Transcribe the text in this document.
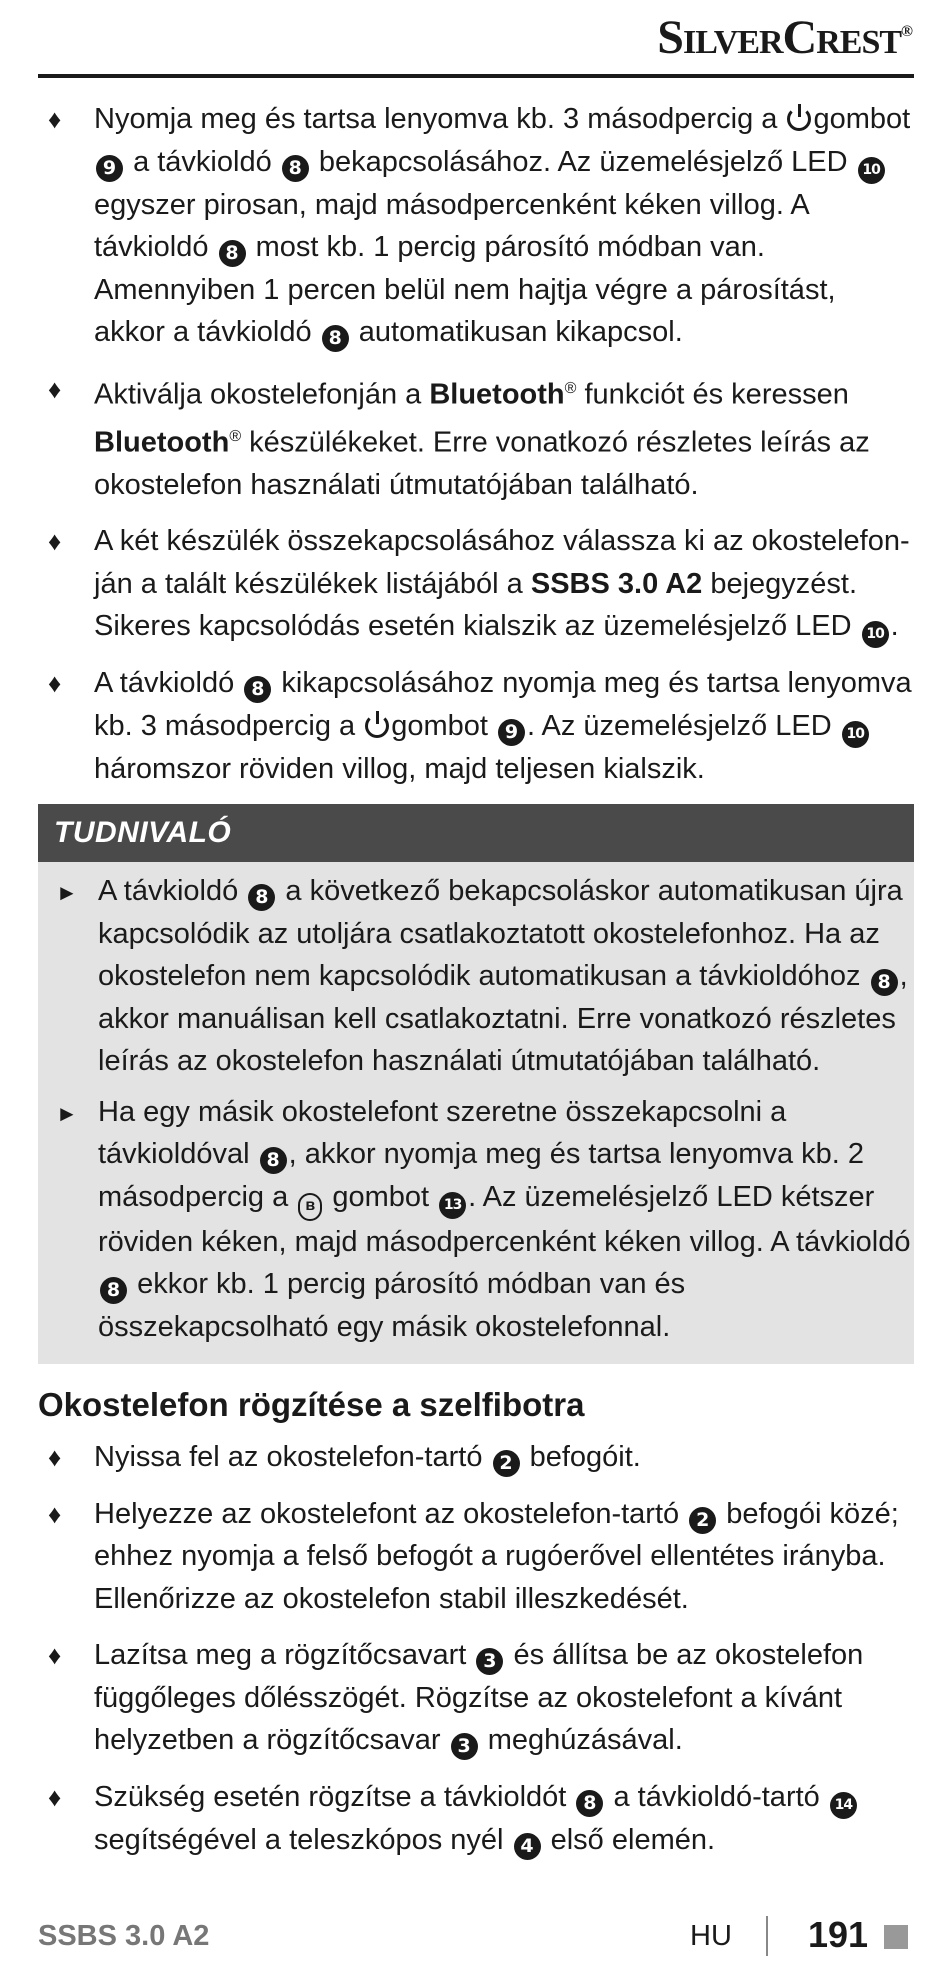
SilverCrest®

♦ Nyomja meg és tartsa lenyomva kb. 3 másodpercig a gombot 9 a távkioldó 8 bekapcsolásához. Az üzemelésjelző LED 10 egyszer pirosan, majd másodpercenként kéken villog. A távkioldó 8 most kb. 1 percig párosító módban van. Amennyiben 1 percen belül nem hajtja végre a párosítást, akkor a távkioldó 8 automatikusan kikapcsol.

♦ Aktiválja okostelefonján a Bluetooth® funkciót és keressen Bluetooth® készülékeket. Erre vonatkozó részletes leírás az okostelefon használati útmutatójában található.

♦ A két készülék összekapcsolásához válassza ki az okostelefonján a talált készülékek listájából a SSBS 3.0 A2 bejegyzést. Sikeres kapcsolódás esetén kialszik az üzemelésjelző LED 10 .

♦ A távkioldó 8 kikapcsolásához nyomja meg és tartsa lenyomva kb. 3 másodpercig a gombot 9 . Az üzemelésjelző LED 10 háromszor röviden villog, majd teljesen kialszik.

TUDNIVALÓ

► A távkioldó 8 a következő bekapcsoláskor automatikusan újra kapcsolódik az utoljára csatlakoztatott okostelefonhoz. Ha az okostelefon nem kapcsolódik automatikusan a távkioldóhoz 8 , akkor manuálisan kell csatlakoztatni. Erre vonatkozó részletes leírás az okostelefon használati útmutatójában található.

► Ha egy másik okostelefont szeretne összekapcsolni a távkioldóval 8 , akkor nyomja meg és tartsa lenyomva kb. 2 másodpercig a ʙ gombot 13 . Az üzemelésjelző LED kétszer röviden kéken, majd másodpercenként kéken villog. A távkioldó 8 ekkor kb. 1 percig párosító módban van és összekapcsolható egy másik okostelefonnal.

Okostelefon rögzítése a szelfibotra

♦ Nyissa fel az okostelefon-tartó 2 befogóit.

♦ Helyezze az okostelefont az okostelefon-tartó 2 befogói közé; ehhez nyomja a felső befogót a rugóerővel ellentétes irányba. Ellenőrizze az okostelefon stabil illeszkedését.

♦ Lazítsa meg a rögzítőcsavart 3 és állítsa be az okostelefon függőleges dőlésszögét. Rögzítse az okostelefont a kívánt helyzetben a rögzítőcsavar 3 meghúzásával.

♦ Szükség esetén rögzítse a távkioldót 8 a távkioldó-tartó 14 segítségével a teleszkópos nyél 4 első elemén.

SSBS 3.0 A2	HU 191
